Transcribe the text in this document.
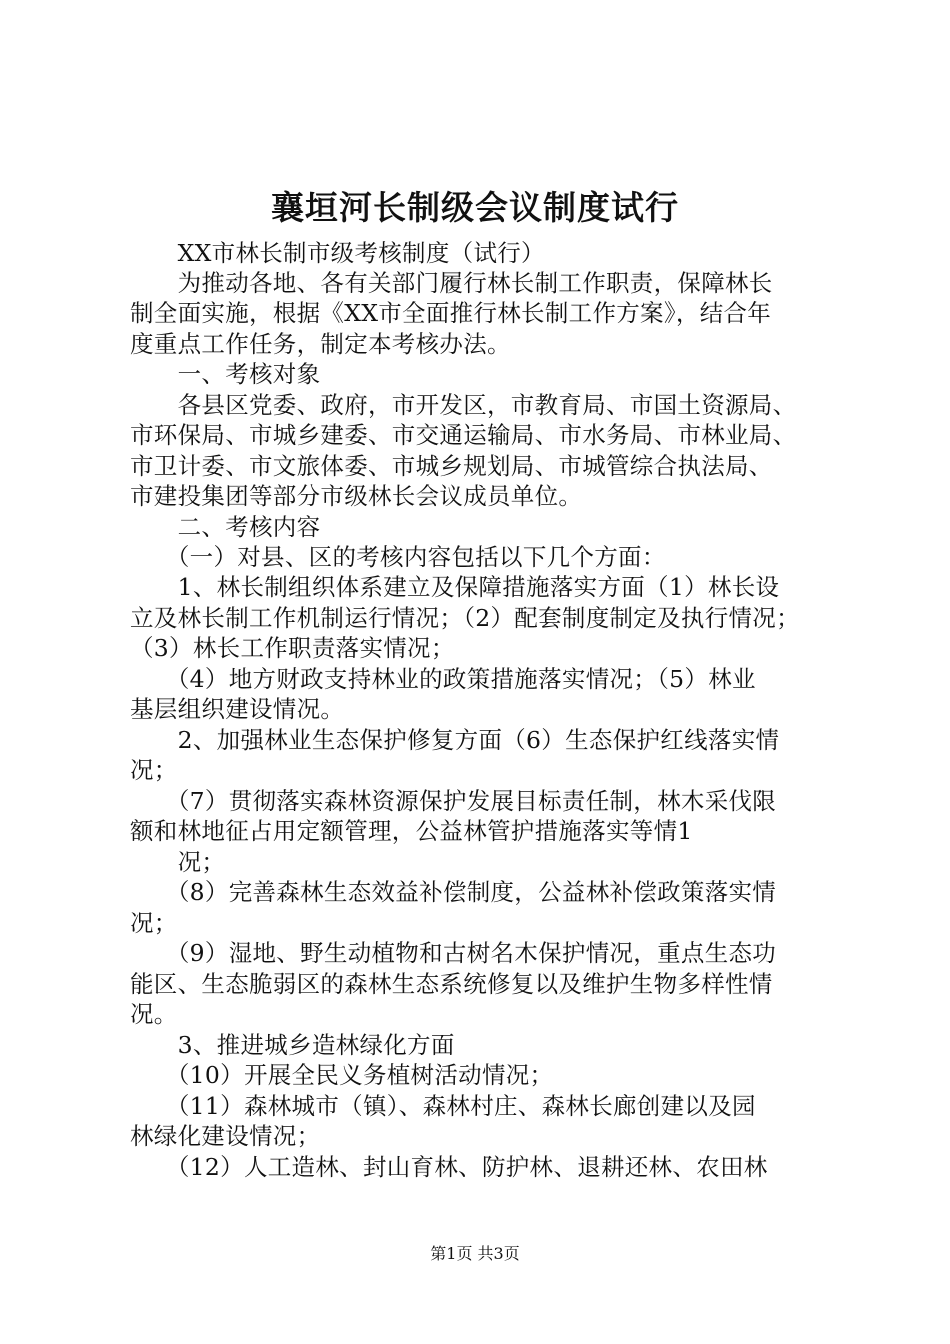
襄垣河长制级会议制度试行
　　XX市林长制市级考核制度（试行）
　　为推动各地、各有关部门履行林长制工作职责，保障林长
制全面实施，根据《XX市全面推行林长制工作方案》，结合年
度重点工作任务，制定本考核办法。
　　一、考核对象
　　各县区党委、政府，市开发区，市教育局、市国土资源局、
市环保局、市城乡建委、市交通运输局、市水务局、市林业局、
市卫计委、市文旅体委、市城乡规划局、市城管综合执法局、
市建投集团等部分市级林长会议成员单位。
　　二、考核内容
　　（一）对县、区的考核内容包括以下几个方面：
　　1、林长制组织体系建立及保障措施落实方面（1）林长设
立及林长制工作机制运行情况；（2）配套制度制定及执行情况；
（3）林长工作职责落实情况；
　　（4）地方财政支持林业的政策措施落实情况；（5）林业
基层组织建设情况。
　　2、加强林业生态保护修复方面（6）生态保护红线落实情
况；
　　（7）贯彻落实森林资源保护发展目标责任制，林木采伐限
额和林地征占用定额管理，公益林管护措施落实等情1
　　况；
　　（8）完善森林生态效益补偿制度，公益林补偿政策落实情
况；
　　（9）湿地、野生动植物和古树名木保护情况，重点生态功
能区、生态脆弱区的森林生态系统修复以及维护生物多样性情
况。
　　3、推进城乡造林绿化方面
　　（10）开展全民义务植树活动情况；
　　（11）森林城市（镇）、森林村庄、森林长廊创建以及园
林绿化建设情况；
　　（12）人工造林、封山育林、防护林、退耕还林、农田林
第1页 共3页
